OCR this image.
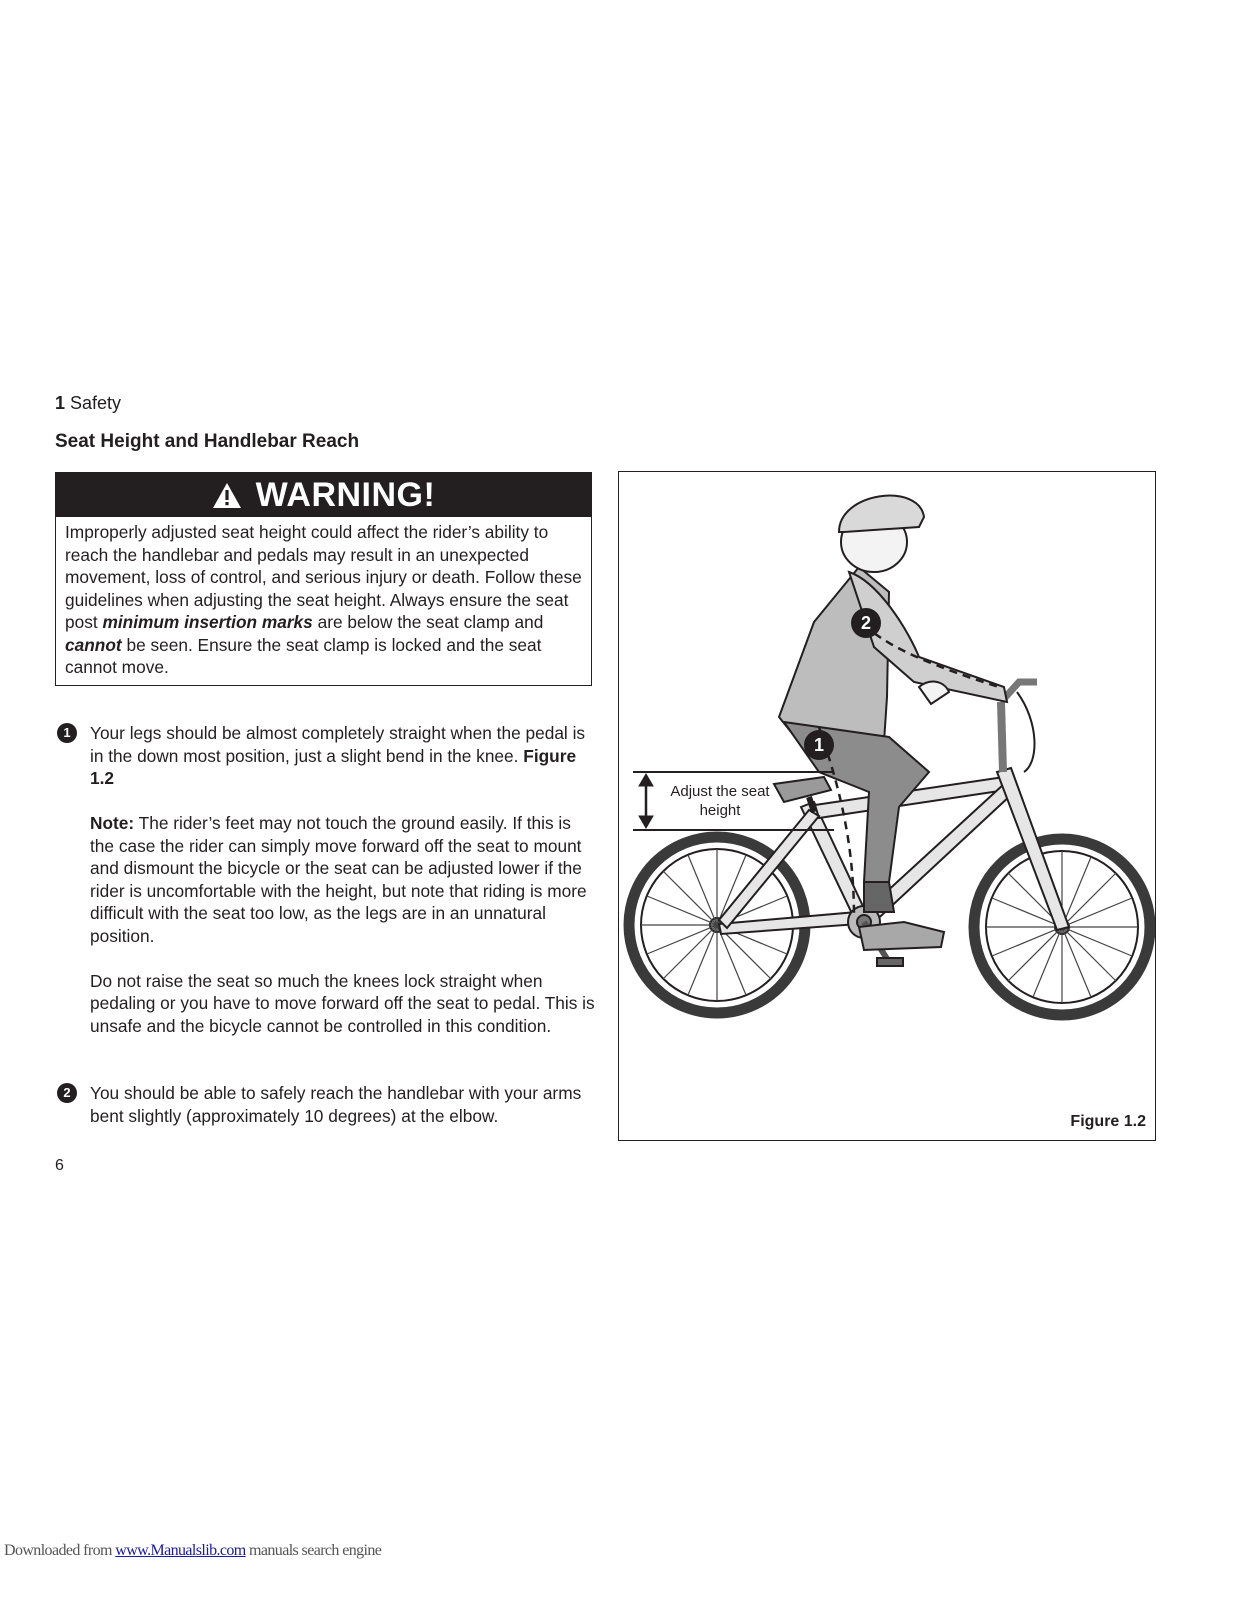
1 Safety
Seat Height and Handlebar Reach
WARNING!
Improperly adjusted seat height could affect the rider’s ability to reach the handlebar and pedals may result in an unexpected movement, loss of control, and serious injury or death. Follow these guidelines when adjusting the seat height. Always ensure the seat post minimum insertion marks are below the seat clamp and cannot be seen. Ensure the seat clamp is locked and the seat cannot move.
1	Your legs should be almost completely straight when the pedal is in the down most position, just a slight bend in the knee. Figure 1.2

Note: The rider’s feet may not touch the ground easily. If this is the case the rider can simply move forward off the seat to mount and dismount the bicycle or the seat can be adjusted lower if the rider is uncomfortable with the height, but note that riding is more difficult with the seat too low, as the legs are in an unnatural position.

Do not raise the seat so much the knees lock straight when pedaling or you have to move forward off the seat to pedal. This is unsafe and the bicycle cannot be controlled in this condition.

2	You should be able to safely reach the handlebar with your arms bent slightly (approximately 10 degrees) at the elbow.

2
1
Figure 1.2
Adjust the seat height
6
Downloaded from www.Manualslib.com manuals search engine
